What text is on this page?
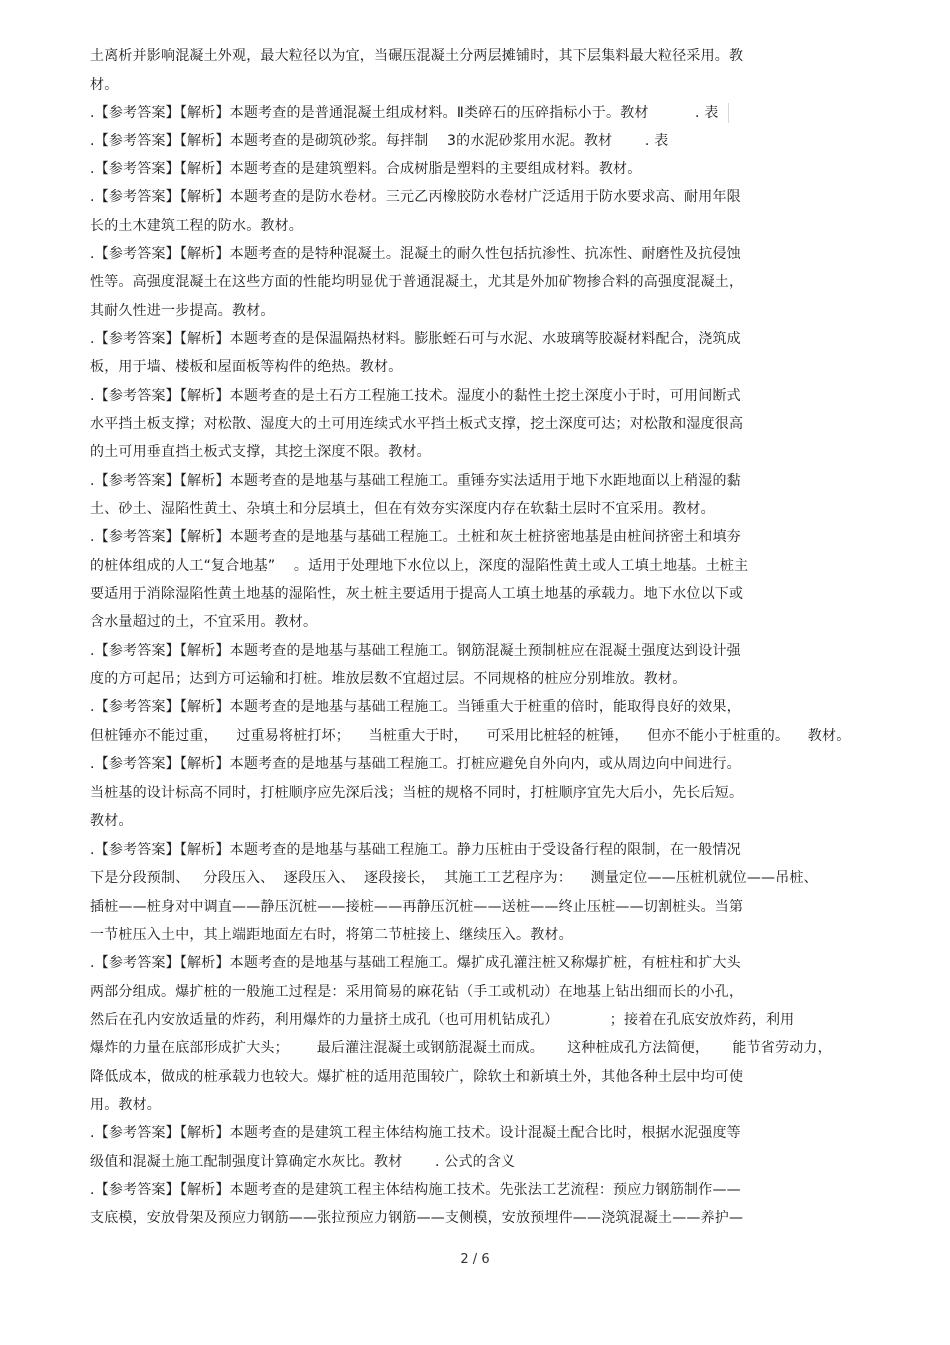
土离析并影响混凝土外观，最大粒径以为宜，当碾压混凝土分两层摊铺时，其下层集料最大粒径采用。教
材。
.【参考答案】【解析】本题考查的是普通混凝土组成材料。Ⅱ类碎石的压碎指标小于。教材          . 表
.【参考答案】【解析】本题考查的是砌筑砂浆。每拌制    3的水泥砂浆用水泥。教材       . 表
.【参考答案】【解析】本题考查的是建筑塑料。合成树脂是塑料的主要组成材料。教材。
.【参考答案】【解析】本题考查的是防水卷材。三元乙丙橡胶防水卷材广泛适用于防水要求高、耐用年限
长的土木建筑工程的防水。教材。
.【参考答案】【解析】本题考查的是特种混凝土。混凝土的耐久性包括抗渗性、抗冻性、耐磨性及抗侵蚀
性等。高强度混凝土在这些方面的性能均明显优于普通混凝土，尤其是外加矿物掺合料的高强度混凝土，
其耐久性进一步提高。教材。
.【参考答案】【解析】本题考查的是保温隔热材料。膨胀蛭石可与水泥、水玻璃等胶凝材料配合，浇筑成
板，用于墙、楼板和屋面板等构件的绝热。教材。
.【参考答案】【解析】本题考查的是土石方工程施工技术。湿度小的黏性土挖土深度小于时，可用间断式
水平挡土板支撑；对松散、湿度大的土可用连续式水平挡土板式支撑，挖土深度可达；对松散和湿度很高
的土可用垂直挡土板式支撑，其挖土深度不限。教材。
.【参考答案】【解析】本题考查的是地基与基础工程施工。重锤夯实法适用于地下水距地面以上稍湿的黏
土、砂土、湿陷性黄土、杂填土和分层填土，但在有效夯实深度内存在软黏土层时不宜采用。教材。
.【参考答案】【解析】本题考查的是地基与基础工程施工。土桩和灰土桩挤密地基是由桩间挤密土和填夯
的桩体组成的人工“复合地基”    。适用于处理地下水位以上，深度的湿陷性黄土或人工填土地基。土桩主
要适用于消除湿陷性黄土地基的湿陷性，灰土桩主要适用于提高人工填土地基的承载力。地下水位以下或
含水量超过的土，不宜采用。教材。
.【参考答案】【解析】本题考查的是地基与基础工程施工。钢筋混凝土预制桩应在混凝土强度达到设计强
度的方可起吊；达到方可运输和打桩。堆放层数不宜超过层。不同规格的桩应分别堆放。教材。
.【参考答案】【解析】本题考查的是地基与基础工程施工。当锤重大于桩重的倍时，能取得良好的效果，
但桩锤亦不能过重，    过重易将桩打坏；    当桩重大于时，    可采用比桩轻的桩锤，    但亦不能小于桩重的。    教材。
.【参考答案】【解析】本题考查的是地基与基础工程施工。打桩应避免自外向内，或从周边向中间进行。
当桩基的设计标高不同时，打桩顺序应先深后浅；当桩的规格不同时，打桩顺序宜先大后小，先长后短。
教材。
.【参考答案】【解析】本题考查的是地基与基础工程施工。静力压桩由于受设备行程的限制，在一般情况
下是分段预制、   分段压入、  逐段压入、  逐段接长，  其施工工艺程序为：    测量定位——压桩机就位——吊桩、
插桩——桩身对中调直——静压沉桩——接桩——再静压沉桩——送桩——终止压桩——切割桩头。当第
一节桩压入土中，其上端距地面左右时，将第二节桩接上、继续压入。教材。
.【参考答案】【解析】本题考查的是地基与基础工程施工。爆扩成孔灌注桩又称爆扩桩，有桩柱和扩大头
两部分组成。爆扩桩的一般施工过程是：采用简易的麻花钻（手工或机动）在地基上钻出细而长的小孔，
然后在孔内安放适量的炸药，利用爆炸的力量挤土成孔（也可用机钻成孔）           ；接着在孔底安放炸药，利用
爆炸的力量在底部形成扩大头；      最后灌注混凝土或钢筋混凝土而成。     这种桩成孔方法简便，     能节省劳动力，
降低成本，做成的桩承载力也较大。爆扩桩的适用范围较广，除软土和新填土外，其他各种土层中均可使
用。教材。
.【参考答案】【解析】本题考查的是建筑工程主体结构施工技术。设计混凝土配合比时，根据水泥强度等
级值和混凝土施工配制强度计算确定水灰比。教材       . 公式的含义
.【参考答案】【解析】本题考查的是建筑工程主体结构施工技术。先张法工艺流程：预应力钢筋制作——
支底模，安放骨架及预应力钢筋——张拉预应力钢筋——支侧模，安放预埋件——浇筑混凝土——养护—
2 / 6
